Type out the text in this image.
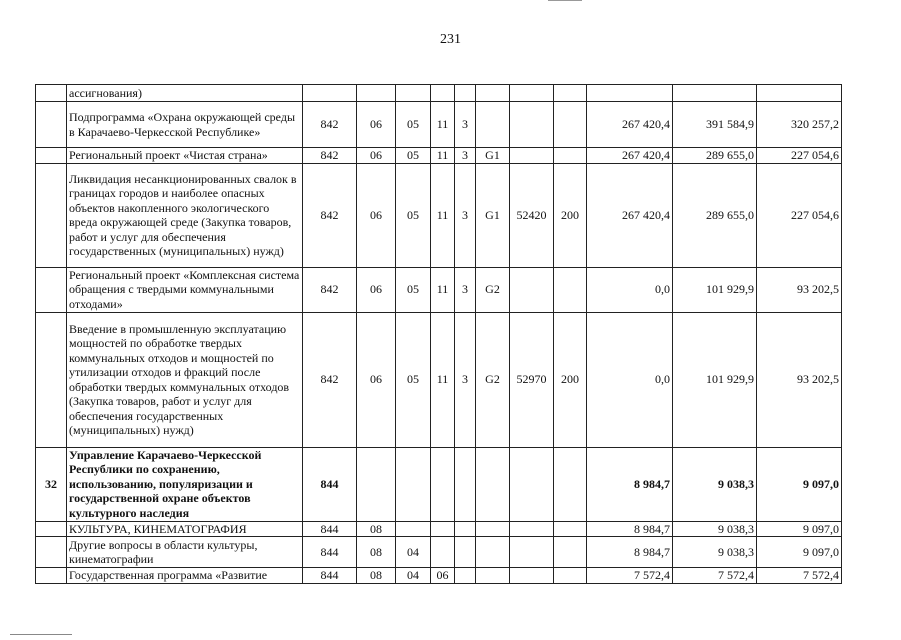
231
	ассигнования)											
	Подпрограмма «Охрана окружающей среды в Карачаево-Черкесской Республике»	842	06	05	11	3				267 420,4	391 584,9	320 257,2
	Региональный проект «Чистая страна»	842	06	05	11	3	G1			267 420,4	289 655,0	227 054,6
	Ликвидация несанкционированных свалок в границах городов и наиболее опасных объектов накопленного экологического вреда окружающей среде (Закупка товаров, работ и услуг для обеспечения государственных (муниципальных) нужд)	842	06	05	11	3	G1	52420	200	267 420,4	289 655,0	227 054,6
	Региональный проект «Комплексная система обращения с твердыми коммунальными отходами»	842	06	05	11	3	G2			0,0	101 929,9	93 202,5
	Введение в промышленную эксплуатацию мощностей по обработке твердых коммунальных отходов и мощностей по утилизации отходов и фракций после обработки твердых коммунальных отходов (Закупка товаров, работ и услуг для обеспечения государственных (муниципальных) нужд)	842	06	05	11	3	G2	52970	200	0,0	101 929,9	93 202,5
32	Управление Карачаево-Черкесской Республики по сохранению, использованию, популяризации и государственной охране объектов культурного наследия	844								8 984,7	9 038,3	9 097,0
	КУЛЬТУРА, КИНЕМАТОГРАФИЯ	844	08							8 984,7	9 038,3	9 097,0
	Другие вопросы в области культуры, кинематографии	844	08	04						8 984,7	9 038,3	9 097,0
	Государственная программа «Развитие	844	08	04	06					7 572,4	7 572,4	7 572,4
